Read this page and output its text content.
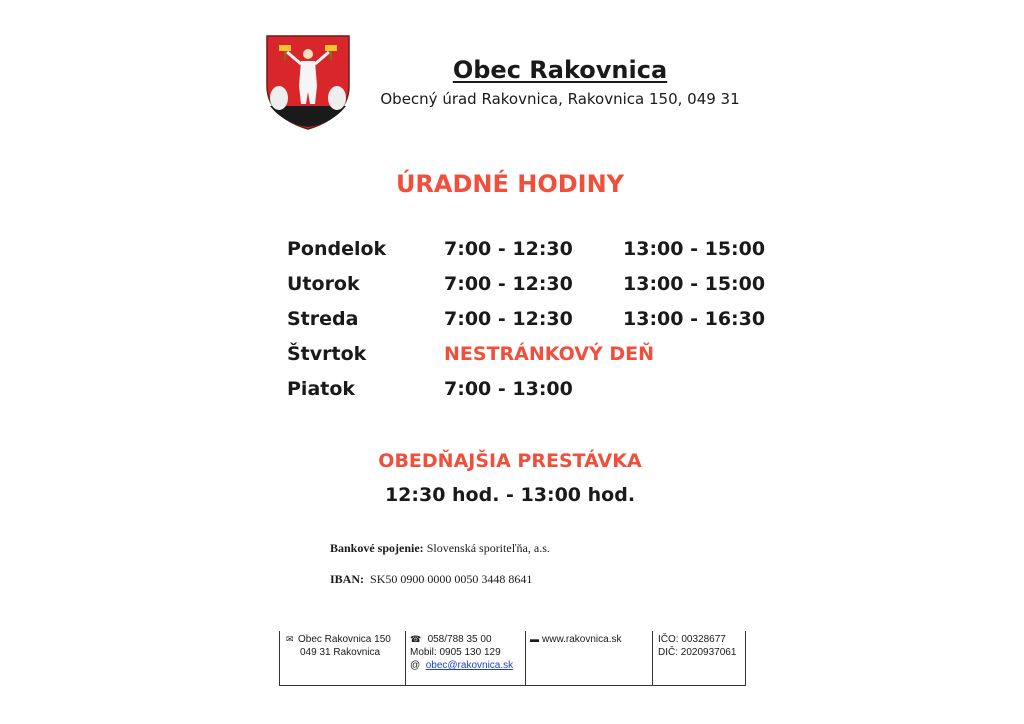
Obec Rakovnica
Obecný úrad Rakovnica, Rakovnica 150, 049 31
ÚRADNÉ HODINY
Pondelok	7:00 - 12:30	13:00 - 15:00
Utorok	7:00 - 12:30	13:00 - 15:00
Streda	7:00 - 12:30	13:00 - 16:30
Štvrtok	NESTRÁNKOVÝ DEŇ
Piatok	7:00 - 13:00
OBEDŇAJŠIA PRESTÁVKA
12:30 hod. - 13:00 hod.
Bankové spojenie: Slovenská sporiteľňa, a.s.
IBAN: SK50 0900 0000 0050 3448 8641
✉ Obec Rakovnica 150
049 31 Rakovnica
☎ 058/788 35 00
Mobil: 0905 130 129
@ obec@rakovnica.sk
▬ www.rakovnica.sk	IČO: 00328677
DIČ: 2020937061
